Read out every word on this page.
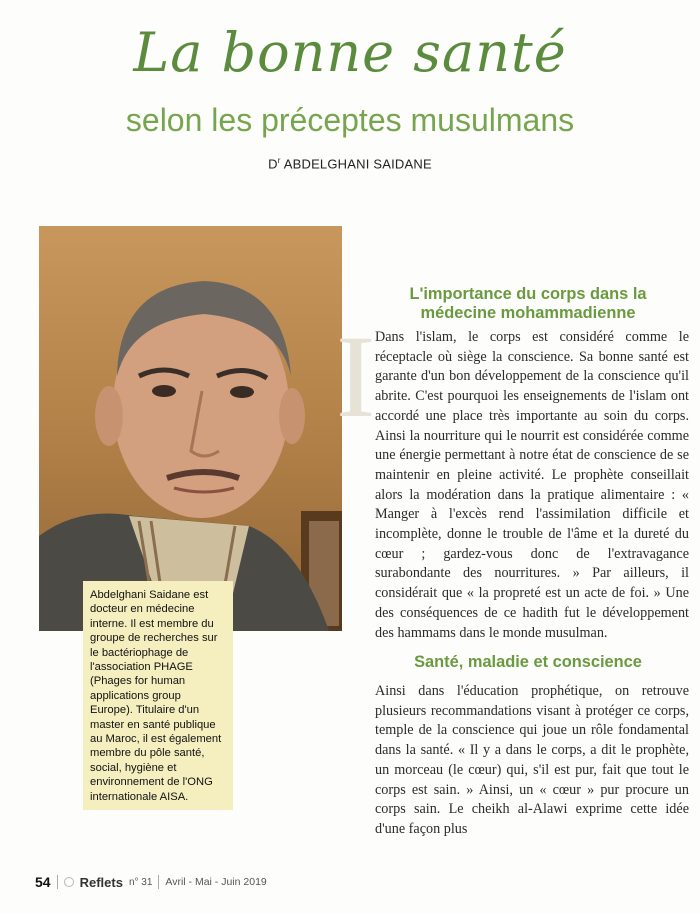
La bonne santé
selon les préceptes musulmans
$D^r$ ABDELGHANI SAIDANE
Abdelghani Saidane est docteur en médecine interne. Il est membre du groupe de recherches sur le bactériophage de l'association PHAGE (Phages for human applications group Europe). Titulaire d'un master en santé publique au Maroc, il est également membre du pôle santé, social, hygiène et environnement de l'ONG internationale AISA.
I
L'importance du corps dans la médecine mohammadienne
Dans l'islam, le corps est considéré comme le réceptacle où siège la conscience. Sa bonne santé est garante d'un bon développement de la conscience qu'il abrite. C'est pourquoi les enseignements de l'islam ont accordé une place très importante au soin du corps. Ainsi la nourriture qui le nourrit est considérée comme une énergie permettant à notre état de conscience de se maintenir en pleine activité. Le prophète conseillait alors la modération dans la pratique alimentaire : « Manger à l'excès rend l'assimilation difficile et incomplète, donne le trouble de l'âme et la dureté du cœur ; gardez-vous donc de l'extravagance surabondante des nourritures. » Par ailleurs, il considérait que « la propreté est un acte de foi. » Une des conséquences de ce hadith fut le développement des hammams dans le monde musulman.
Santé, maladie et conscience
Ainsi dans l'éducation prophétique, on retrouve plusieurs recommandations visant à protéger ce corps, temple de la conscience qui joue un rôle fondamental dans la santé. « Il y a dans le corps, a dit le prophète, un morceau (le cœur) qui, s'il est pur, fait que tout le corps est sain. » Ainsi, un « cœur » pur procure un corps sain. Le cheikh al-Alawi exprime cette idée d'une façon plus
54 Reflets n° 31 Avril - Mai - Juin 2019
